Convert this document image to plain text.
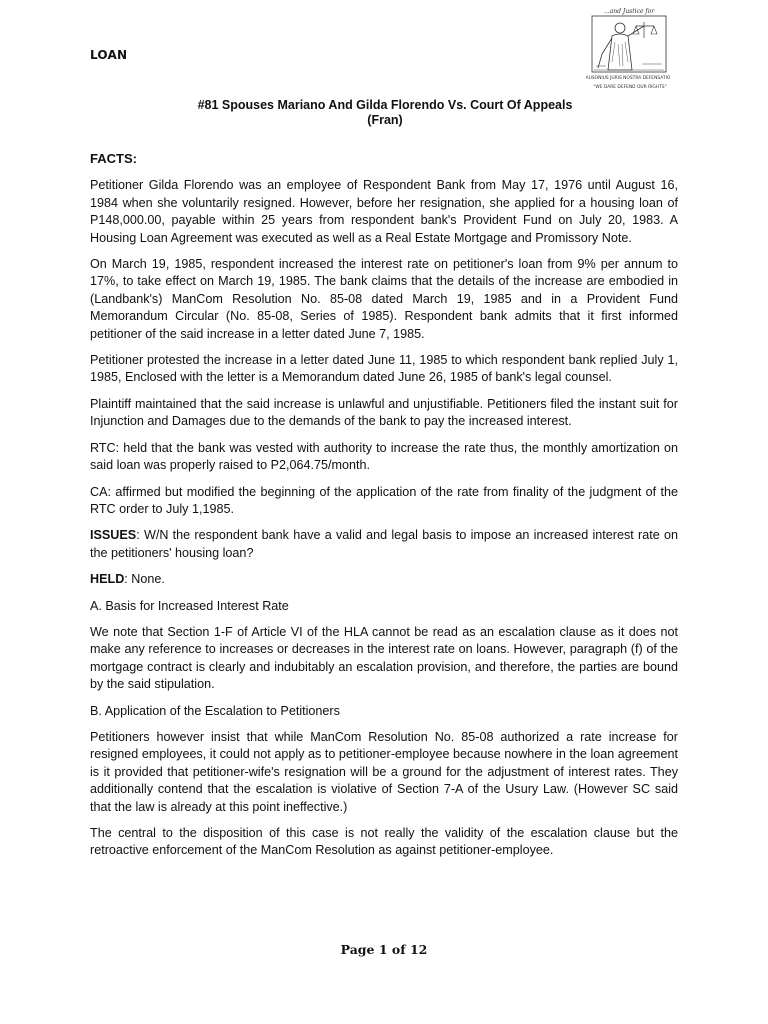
LOAN
...and Justice for
AUSONIUS JURIS NOSTRA DEFENSATIO
"WE DARE DEFEND OUR RIGHTS"
#81 Spouses Mariano And Gilda Florendo Vs. Court Of Appeals
(Fran)

FACTS:

Petitioner Gilda Florendo was an employee of Respondent Bank from May 17, 1976 until August 16, 1984 when she voluntarily resigned. However, before her resignation, she applied for a housing loan of P148,000.00, payable within 25 years from respondent bank's Provident Fund on July 20, 1983. A Housing Loan Agreement was executed as well as a Real Estate Mortgage and Promissory Note.

On March 19, 1985, respondent increased the interest rate on petitioner's loan from 9% per annum to 17%, to take effect on March 19, 1985. The bank claims that the details of the increase are embodied in (Landbank's) ManCom Resolution No. 85-08 dated March 19, 1985 and in a Provident Fund Memorandum Circular (No. 85-08, Series of 1985). Respondent bank admits that it first informed petitioner of the said increase in a letter dated June 7, 1985.

Petitioner protested the increase in a letter dated June 11, 1985 to which respondent bank replied July 1, 1985, Enclosed with the letter is a Memorandum dated June 26, 1985 of bank's legal counsel.

Plaintiff maintained that the said increase is unlawful and unjustifiable. Petitioners filed the instant suit for Injunction and Damages due to the demands of the bank to pay the increased interest.

RTC: held that the bank was vested with authority to increase the rate thus, the monthly amortization on said loan was properly raised to P2,064.75/month.

CA: affirmed but modified the beginning of the application of the rate from finality of the judgment of the RTC order to July 1,1985.

ISSUES: W/N the respondent bank have a valid and legal basis to impose an increased interest rate on the petitioners' housing loan?

HELD: None.

A. Basis for Increased Interest Rate

We note that Section 1-F of Article VI of the HLA cannot be read as an escalation clause as it does not make any reference to increases or decreases in the interest rate on loans. However, paragraph (f) of the mortgage contract is clearly and indubitably an escalation provision, and therefore, the parties are bound by the said stipulation.

B. Application of the Escalation to Petitioners

Petitioners however insist that while ManCom Resolution No. 85-08 authorized a rate increase for resigned employees, it could not apply as to petitioner-employee because nowhere in the loan agreement is it provided that petitioner-wife's resignation will be a ground for the adjustment of interest rates. They additionally contend that the escalation is violative of Section 7-A of the Usury Law. (However SC said that the law is already at this point ineffective.)

The central to the disposition of this case is not really the validity of the escalation clause but the retroactive enforcement of the ManCom Resolution as against petitioner-employee.

Page 1 of 12
